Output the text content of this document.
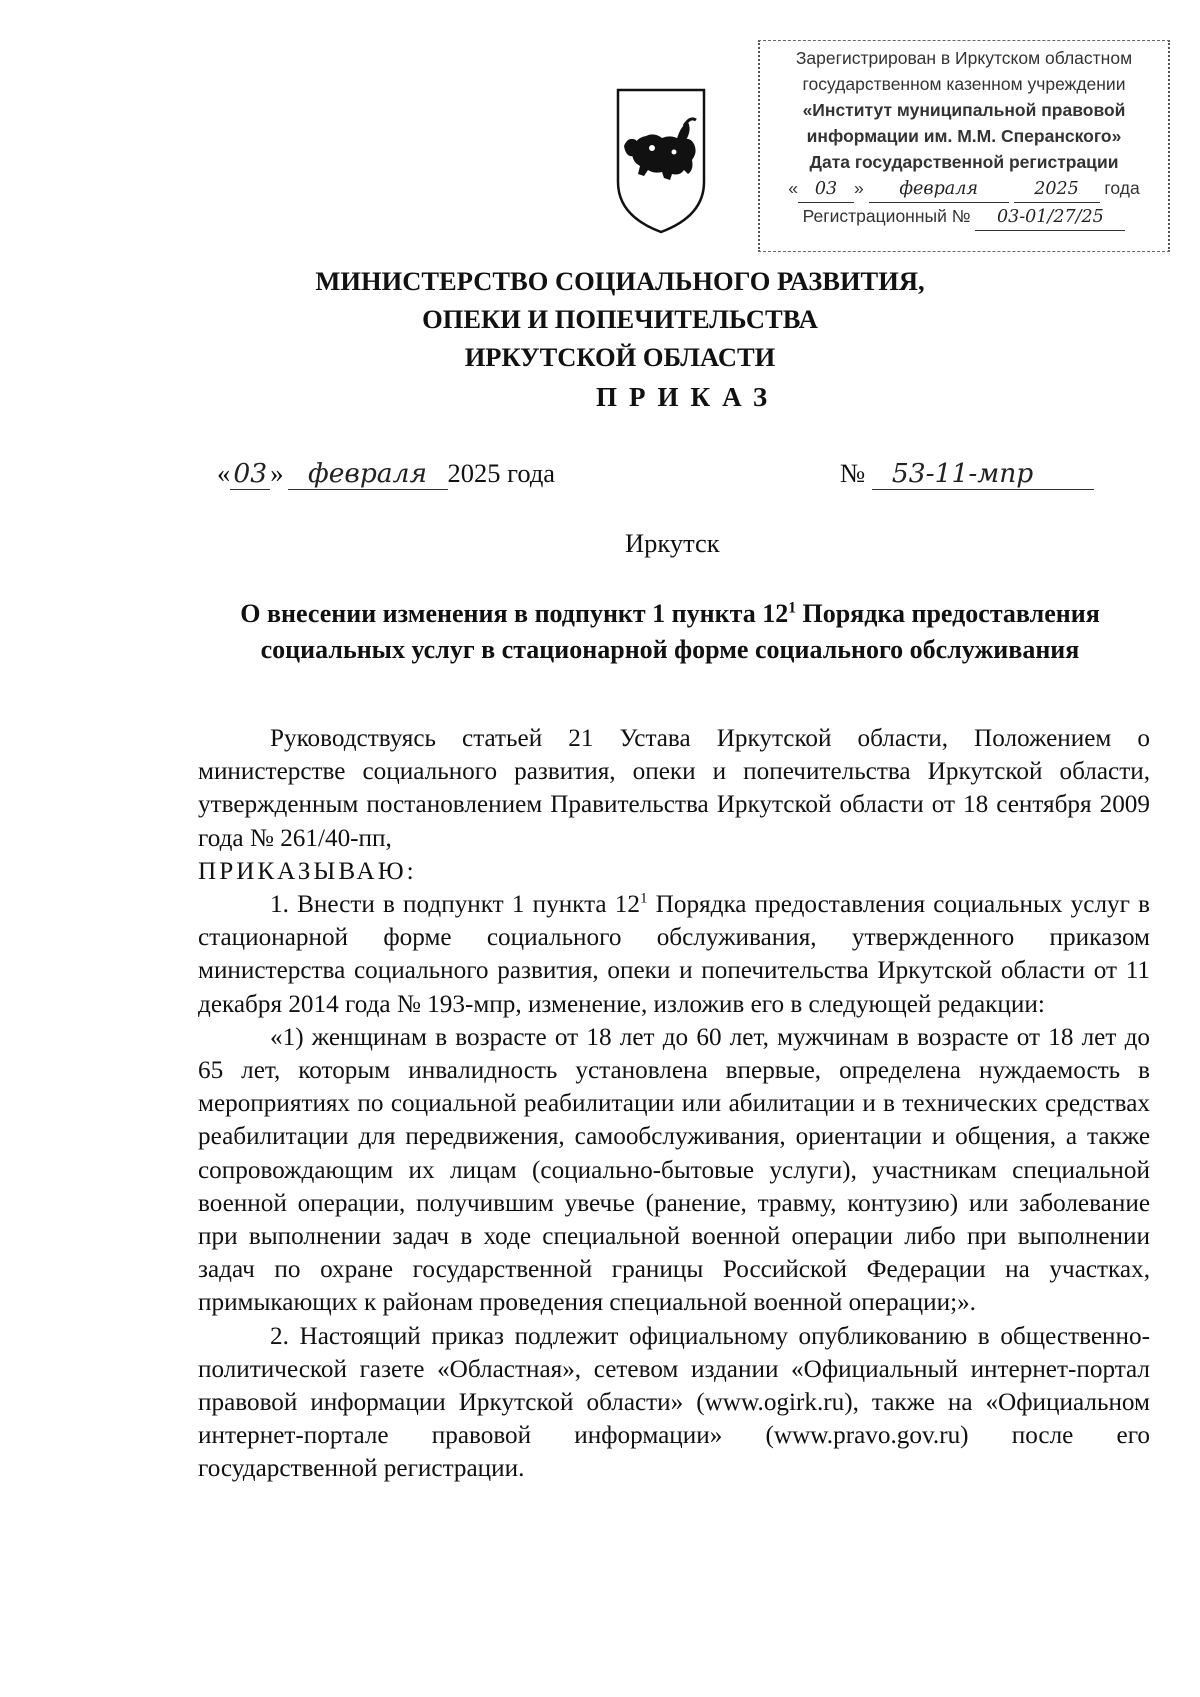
Зарегистрирован в Иркутском областном
государственном казенном учреждении
«Институт муниципальной правовой
информации им. М.М. Сперанского»
Дата государственной регистрации
« 03 » февраля	2025 года
Регистрационный № 03-01/27/25
МИНИСТЕРСТВО СОЦИАЛЬНОГО РАЗВИТИЯ,
ОПЕКИ И ПОПЕЧИТЕЛЬСТВА
ИРКУТСКОЙ ОБЛАСТИ
ПРИКАЗ
« 03 » февраля 2025 года	№ 53-11-мпр
Иркутск
О внесении изменения в подпункт 1 пункта $12^1$ Порядка предоставления
социальных услуг в стационарной форме социального обслуживания

Руководствуясь статьей 21 Устава Иркутской области, Положением о министерстве социального развития, опеки и попечительства Иркутской области, утвержденным постановлением Правительства Иркутской области от 18 сентября 2009 года № 261/40-пп,

ПРИКАЗЫВАЮ:

1. Внести в подпункт 1 пункта $12^1$ Порядка предоставления социальных услуг в стационарной форме социального обслуживания, утвержденного приказом министерства социального развития, опеки и попечительства Иркутской области от 11 декабря 2014 года № 193-мпр, изменение, изложив его в следующей редакции:

«1) женщинам в возрасте от 18 лет до 60 лет, мужчинам в возрасте от 18 лет до 65 лет, которым инвалидность установлена впервые, определена нуждаемость в мероприятиях по социальной реабилитации или абилитации и в технических средствах реабилитации для передвижения, самообслуживания, ориентации и общения, а также сопровождающим их лицам (социально-бытовые услуги), участникам специальной военной операции, получившим увечье (ранение, травму, контузию) или заболевание при выполнении задач в ходе специальной военной операции либо при выполнении задач по охране государственной границы Российской Федерации на участках, примыкающих к районам проведения специальной военной операции;».

2. Настоящий приказ подлежит официальному опубликованию в общественно-политической газете «Областная», сетевом издании «Официальный интернет-портал правовой информации Иркутской области» (www.ogirk.ru), также на «Официальном интернет-портале правовой информации» (www.pravo.gov.ru) после его государственной регистрации.
